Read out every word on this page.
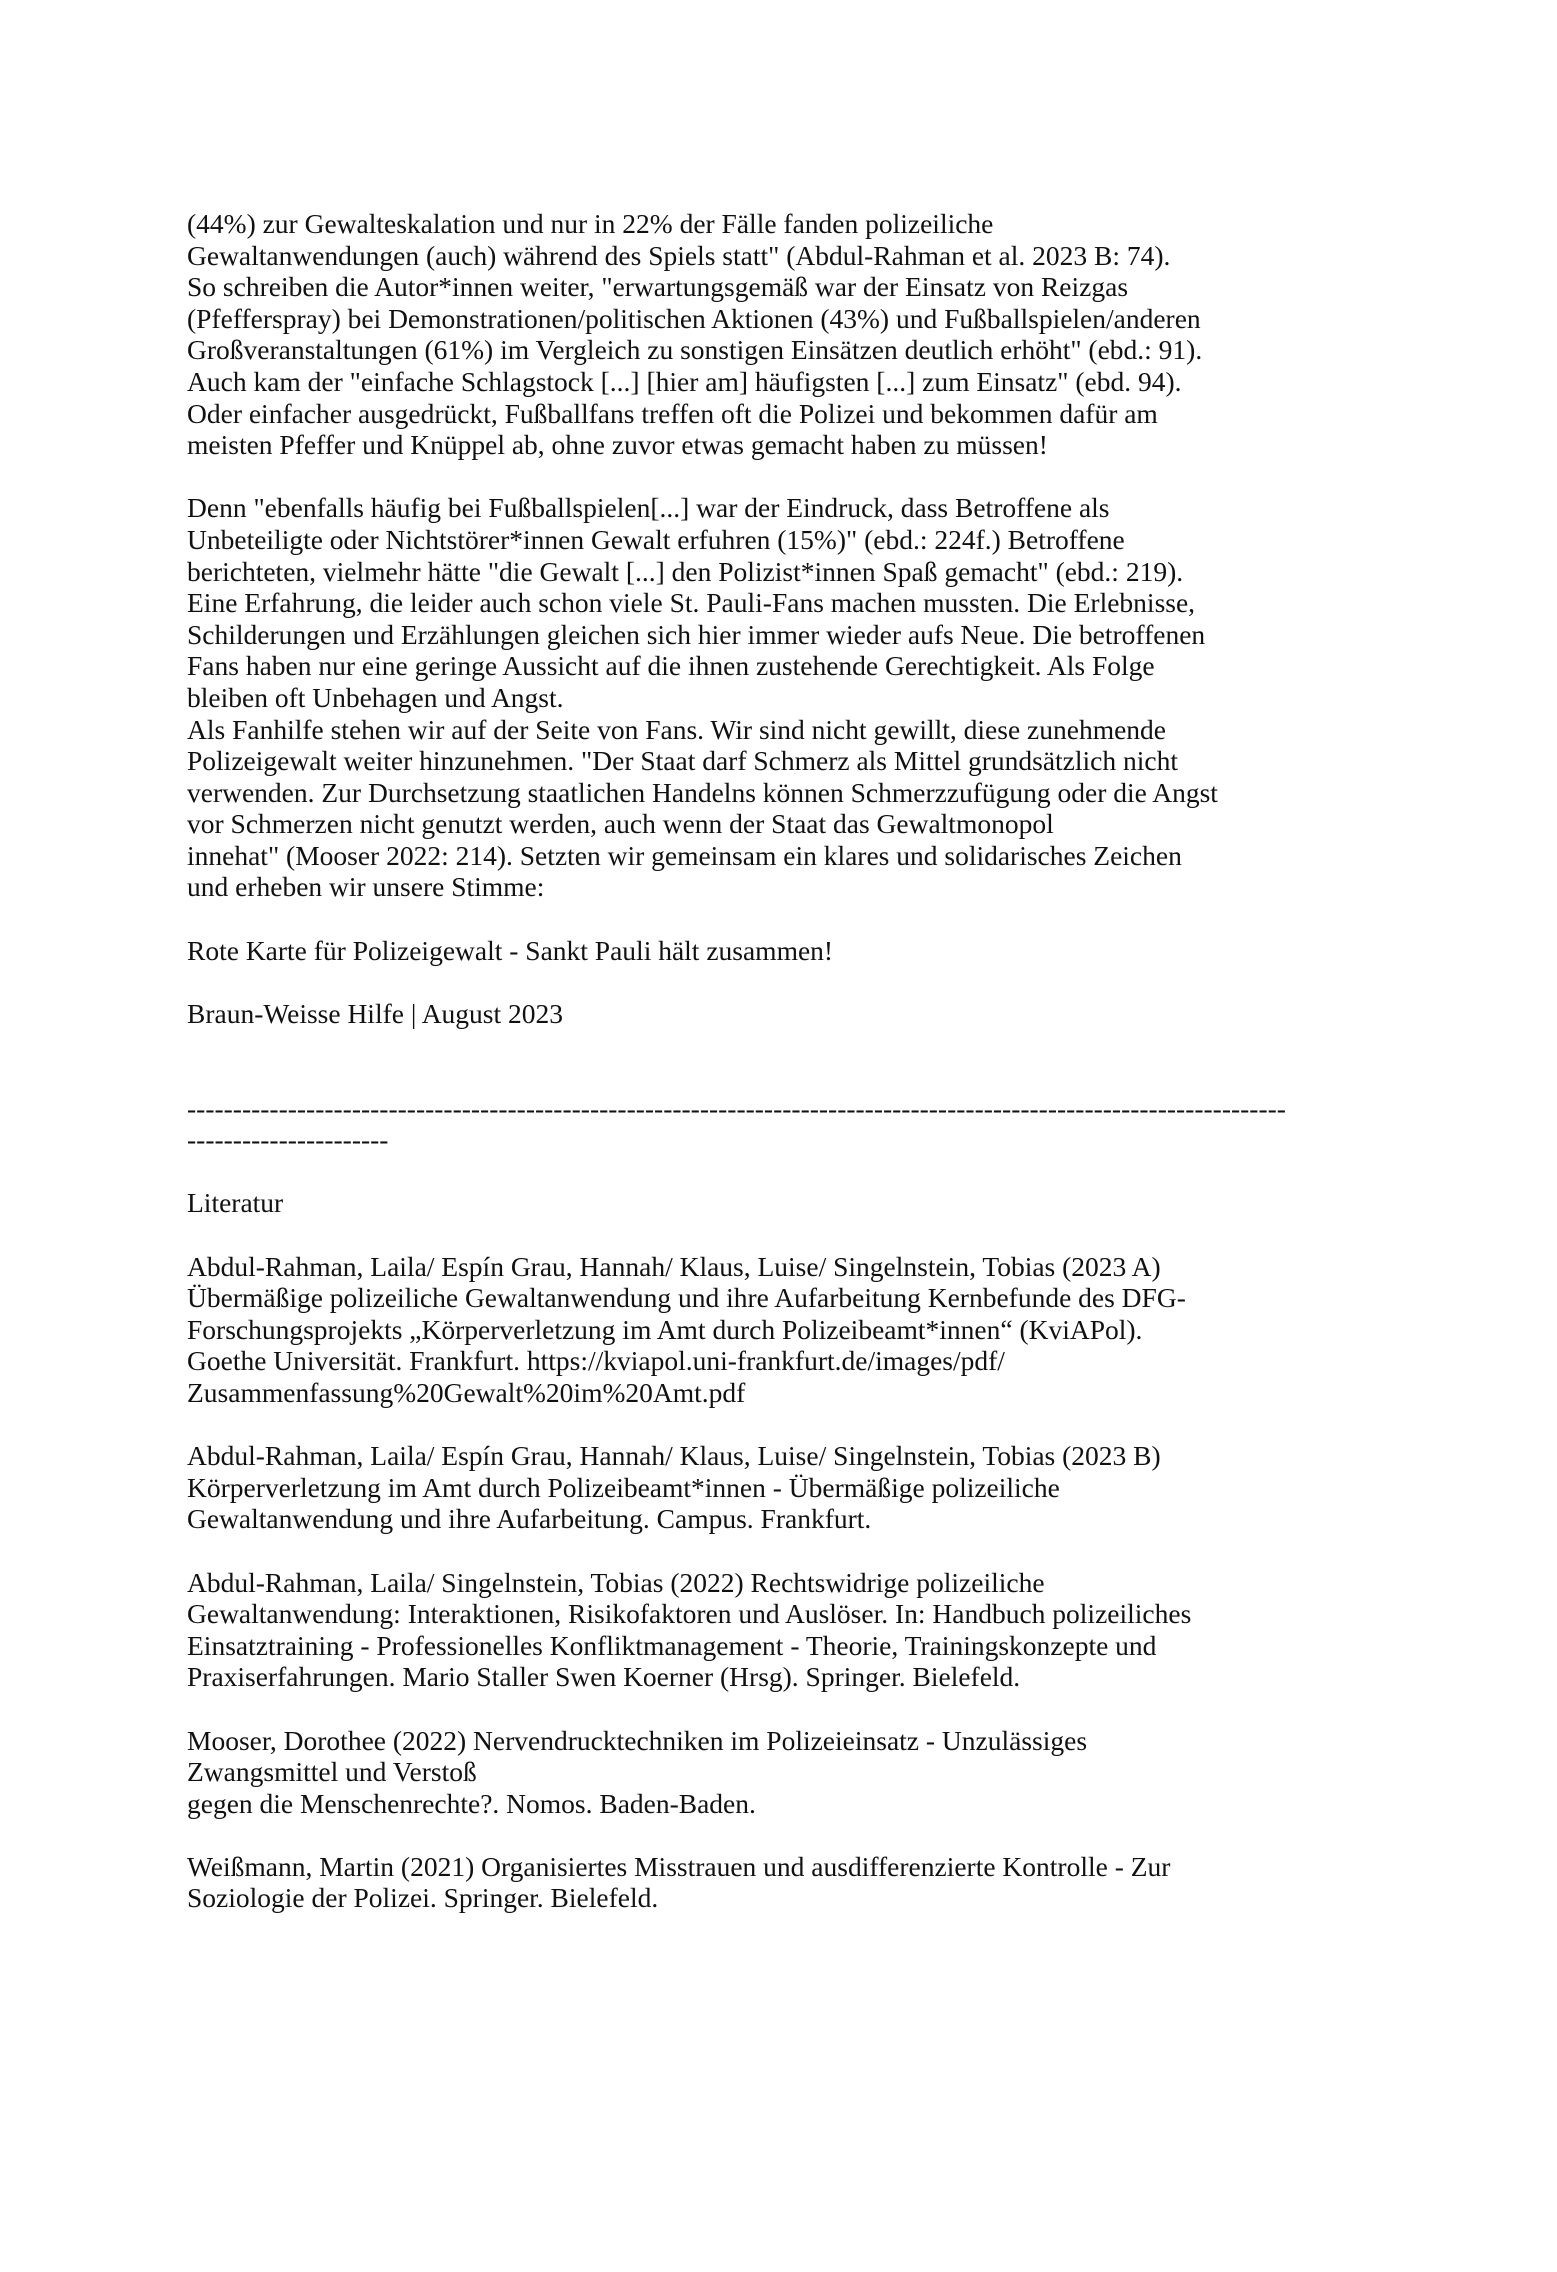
(44%) zur Gewalteskalation und nur in 22% der Fälle fanden polizeiliche
Gewaltanwendungen (auch) während des Spiels statt" (Abdul-Rahman et al. 2023 B: 74).
So schreiben die Autor*innen weiter, "erwartungsgemäß war der Einsatz von Reizgas
(Pfefferspray) bei Demonstrationen/politischen Aktionen (43%) und Fußballspielen/anderen
Großveranstaltungen (61%) im Vergleich zu sonstigen Einsätzen deutlich erhöht" (ebd.: 91).
Auch kam der "einfache Schlagstock [...] [hier am] häufigsten [...] zum Einsatz" (ebd. 94).
Oder einfacher ausgedrückt, Fußballfans treffen oft die Polizei und bekommen dafür am
meisten Pfeffer und Knüppel ab, ohne zuvor etwas gemacht haben zu müssen!
Denn "ebenfalls häufig bei Fußballspielen[...] war der Eindruck, dass Betroffene als
Unbeteiligte oder Nichtstörer*innen Gewalt erfuhren (15%)" (ebd.: 224f.) Betroffene
berichteten, vielmehr hätte "die Gewalt [...] den Polizist*innen Spaß gemacht" (ebd.: 219).
Eine Erfahrung, die leider auch schon viele St. Pauli-Fans machen mussten. Die Erlebnisse,
Schilderungen und Erzählungen gleichen sich hier immer wieder aufs Neue. Die betroffenen
Fans haben nur eine geringe Aussicht auf die ihnen zustehende Gerechtigkeit. Als Folge
bleiben oft Unbehagen und Angst.
Als Fanhilfe stehen wir auf der Seite von Fans. Wir sind nicht gewillt, diese zunehmende
Polizeigewalt weiter hinzunehmen. "Der Staat darf Schmerz als Mittel grundsätzlich nicht
verwenden. Zur Durchsetzung staatlichen Handelns können Schmerzzufügung oder die Angst
vor Schmerzen nicht genutzt werden, auch wenn der Staat das Gewaltmonopol
innehat" (Mooser 2022: 214). Setzten wir gemeinsam ein klares und solidarisches Zeichen
und erheben wir unsere Stimme:
Rote Karte für Polizeigewalt - Sankt Pauli hält zusammen!
Braun-Weisse Hilfe | August 2023
------------------------------------------------------------------------------------------------------------------------
----------------------
Literatur
Abdul-Rahman, Laila/ Espín Grau, Hannah/ Klaus, Luise/ Singelnstein, Tobias (2023 A)
Übermäßige polizeiliche Gewaltanwendung und ihre Aufarbeitung Kernbefunde des DFG-
Forschungsprojekts „Körperverletzung im Amt durch Polizeibeamt*innen“ (KviAPol).
Goethe Universität. Frankfurt. https://kviapol.uni-frankfurt.de/images/pdf/
Zusammenfassung%20Gewalt%20im%20Amt.pdf
Abdul-Rahman, Laila/ Espín Grau, Hannah/ Klaus, Luise/ Singelnstein, Tobias (2023 B)
Körperverletzung im Amt durch Polizeibeamt*innen - Übermäßige polizeiliche
Gewaltanwendung und ihre Aufarbeitung. Campus. Frankfurt.
Abdul-Rahman, Laila/ Singelnstein, Tobias (2022) Rechtswidrige polizeiliche
Gewaltanwendung: Interaktionen, Risikofaktoren und Auslöser. In: Handbuch polizeiliches
Einsatztraining - Professionelles Konfliktmanagement - Theorie, Trainingskonzepte und
Praxiserfahrungen. Mario Staller Swen Koerner (Hrsg). Springer. Bielefeld.
Mooser, Dorothee (2022) Nervendrucktechniken im Polizeieinsatz - Unzulässiges
Zwangsmittel und Verstoß
gegen die Menschenrechte?. Nomos. Baden-Baden.
Weißmann, Martin (2021) Organisiertes Misstrauen und ausdifferenzierte Kontrolle - Zur
Soziologie der Polizei. Springer. Bielefeld.
